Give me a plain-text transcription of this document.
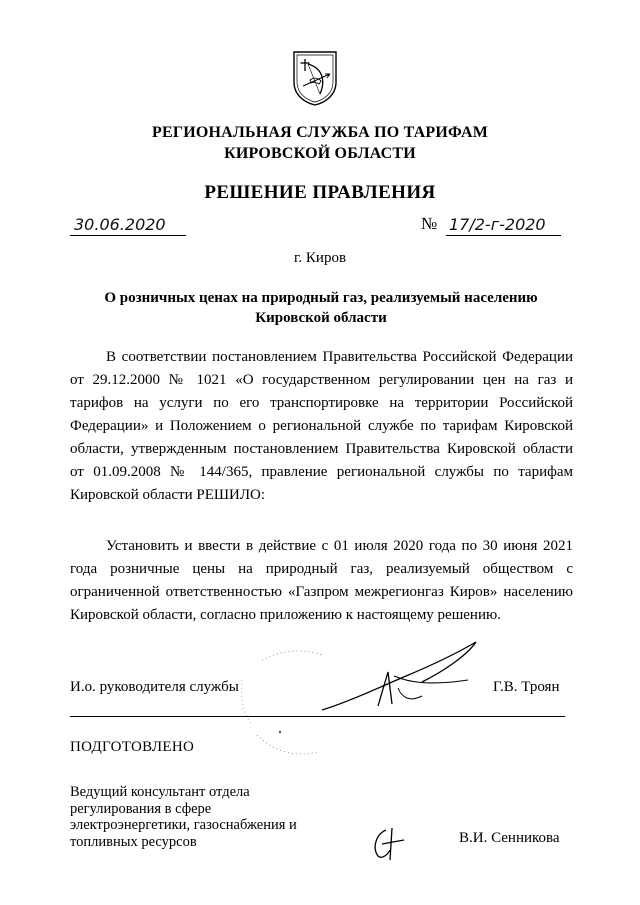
РЕГИОНАЛЬНАЯ СЛУЖБА ПО ТАРИФАМ
КИРОВСКОЙ ОБЛАСТИ
РЕШЕНИЕ ПРАВЛЕНИЯ
30.06.2020	№ 17/2-г-2020
г. Киров
О розничных ценах на природный газ, реализуемый населению
Кировской области
В соответствии постановлением Правительства Российской Федерации от 29.12.2000 № 1021 «О государственном регулировании цен на газ и тарифов на услуги по его транспортировке на территории Российской Федерации» и Положением о региональной службе по тарифам Кировской области, утвержденным постановлением Правительства Кировской области от 01.09.2008 № 144/365, правление региональной службы по тарифам Кировской области РЕШИЛО:
Установить и ввести в действие с 01 июля 2020 года по 30 июня 2021 года розничные цены на природный газ, реализуемый обществом с ограниченной ответственностью «Газпром межрегионгаз Киров» населению Кировской области, согласно приложению к настоящему решению.
И.о. руководителя службы	Г.В. Троян
ПОДГОТОВЛЕНО
Ведущий консультант отдела
регулирования в сфере
электроэнергетики, газоснабжения и
топливных ресурсов	В.И. Сенникова
